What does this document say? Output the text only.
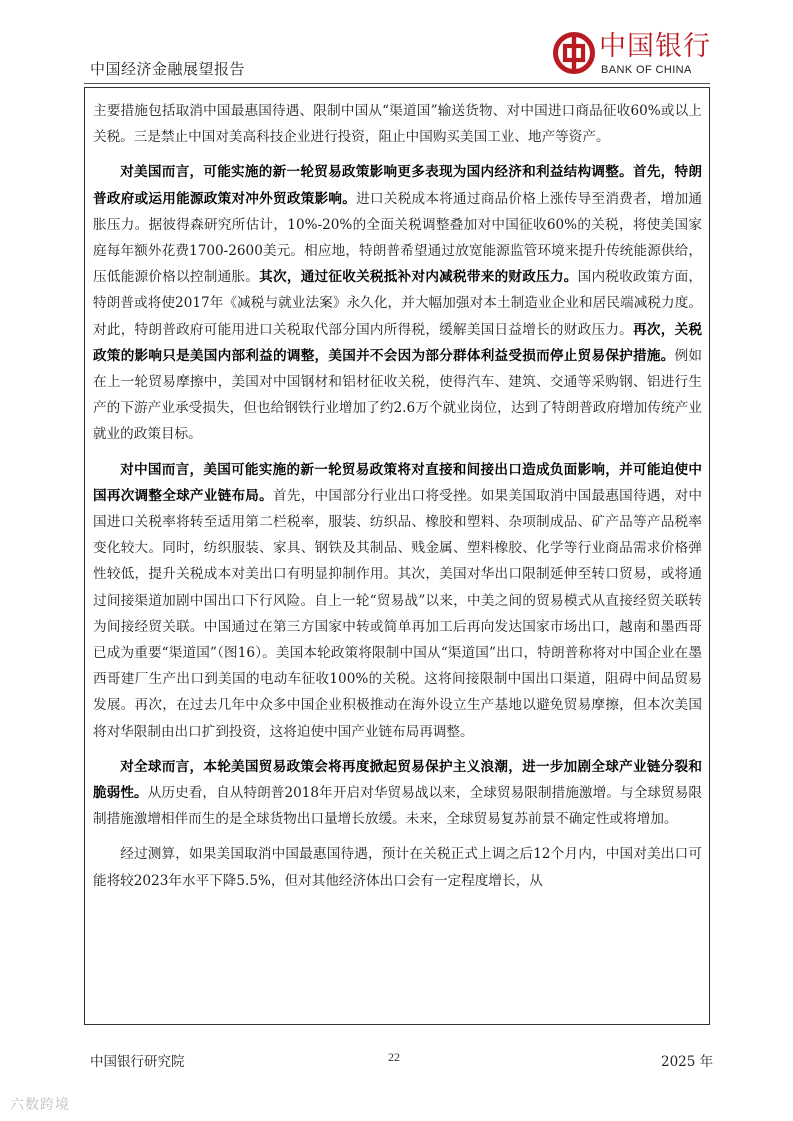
中国经济金融展望报告
中国银行
BANK OF CHINA

主要措施包括取消中国最惠国待遇、限制中国从“渠道国”输送货物、对中国进口商品征收60%或以上关税。三是禁止中国对美高科技企业进行投资，阻止中国购买美国工业、地产等资产。

对美国而言，可能实施的新一轮贸易政策影响更多表现为国内经济和利益结构调整。首先，特朗普政府或运用能源政策对冲外贸政策影响。进口关税成本将通过商品价格上涨传导至消费者，增加通胀压力。据彼得森研究所估计，10%-20%的全面关税调整叠加对中国征收60%的关税，将使美国家庭每年额外花费1700-2600美元。相应地，特朗普希望通过放宽能源监管环境来提升传统能源供给，压低能源价格以控制通胀。其次，通过征收关税抵补对内减税带来的财政压力。国内税收政策方面，特朗普或将使2017年《减税与就业法案》永久化，并大幅加强对本土制造业企业和居民端减税力度。对此，特朗普政府可能用进口关税取代部分国内所得税，缓解美国日益增长的财政压力。再次，关税政策的影响只是美国内部利益的调整，美国并不会因为部分群体利益受损而停止贸易保护措施。例如在上一轮贸易摩擦中，美国对中国钢材和铝材征收关税，使得汽车、建筑、交通等采购钢、铝进行生产的下游产业承受损失，但也给钢铁行业增加了约2.6万个就业岗位，达到了特朗普政府增加传统产业就业的政策目标。

对中国而言，美国可能实施的新一轮贸易政策将对直接和间接出口造成负面影响，并可能迫使中国再次调整全球产业链布局。首先，中国部分行业出口将受挫。如果美国取消中国最惠国待遇，对中国进口关税率将转至适用第二栏税率，服装、纺织品、橡胶和塑料、杂项制成品、矿产品等产品税率变化较大。同时，纺织服装、家具、钢铁及其制品、贱金属、塑料橡胶、化学等行业商品需求价格弹性较低，提升关税成本对美出口有明显抑制作用。其次，美国对华出口限制延伸至转口贸易，或将通过间接渠道加剧中国出口下行风险。自上一轮“贸易战”以来，中美之间的贸易模式从直接经贸关联转为间接经贸关联。中国通过在第三方国家中转或简单再加工后再向发达国家市场出口，越南和墨西哥已成为重要“渠道国”（图16）。美国本轮政策将限制中国从“渠道国”出口，特朗普称将对中国企业在墨西哥建厂生产出口到美国的电动车征收100%的关税。这将间接限制中国出口渠道，阻碍中间品贸易发展。再次，在过去几年中众多中国企业积极推动在海外设立生产基地以避免贸易摩擦，但本次美国将对华限制由出口扩到投资，这将迫使中国产业链布局再调整。

对全球而言，本轮美国贸易政策会将再度掀起贸易保护主义浪潮，进一步加剧全球产业链分裂和脆弱性。从历史看，自从特朗普2018年开启对华贸易战以来，全球贸易限制措施激增。与全球贸易限制措施激增相伴而生的是全球货物出口量增长放缓。未来，全球贸易复苏前景不确定性或将增加。

经过测算，如果美国取消中国最惠国待遇，预计在关税正式上调之后12个月内，中国对美出口可能将较2023年水平下降5.5%，但对其他经济体出口会有一定程度增长，从

中国银行研究院	22	2025 年
六数跨境
